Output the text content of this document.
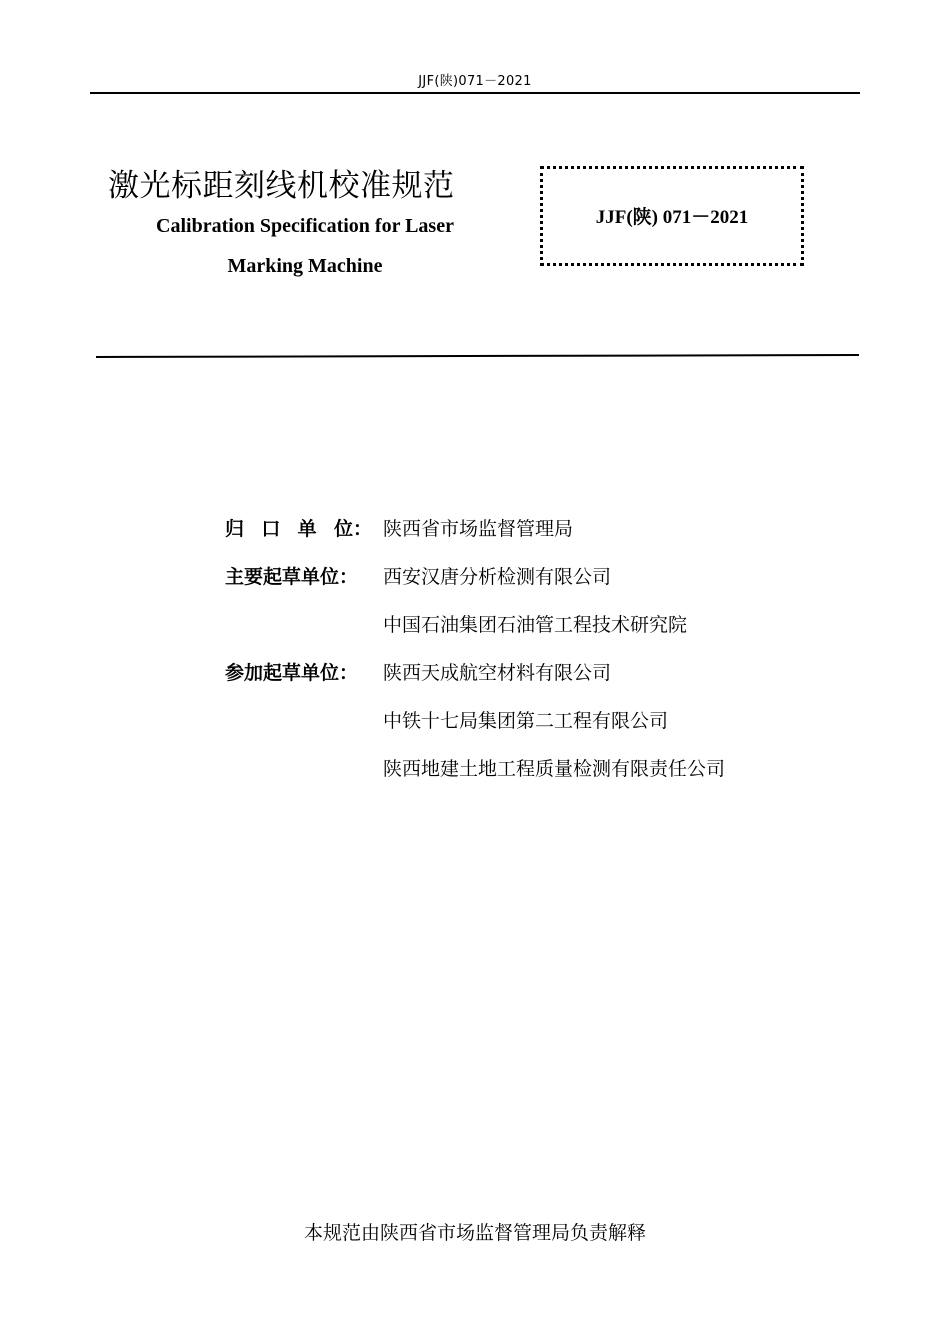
JJF(陕)071－2021
激光标距刻线机校准规范
Calibration Specification for Laser
Marking Machine
JJF(陕) 071－2021
归 口 单 位： 陕西省市场监督管理局
主要起草单位：	西安汉唐分析检测有限公司
中国石油集团石油管工程技术研究院
参加起草单位：	陕西天成航空材料有限公司
中铁十七局集团第二工程有限公司
陕西地建土地工程质量检测有限责任公司
本规范由陕西省市场监督管理局负责解释
